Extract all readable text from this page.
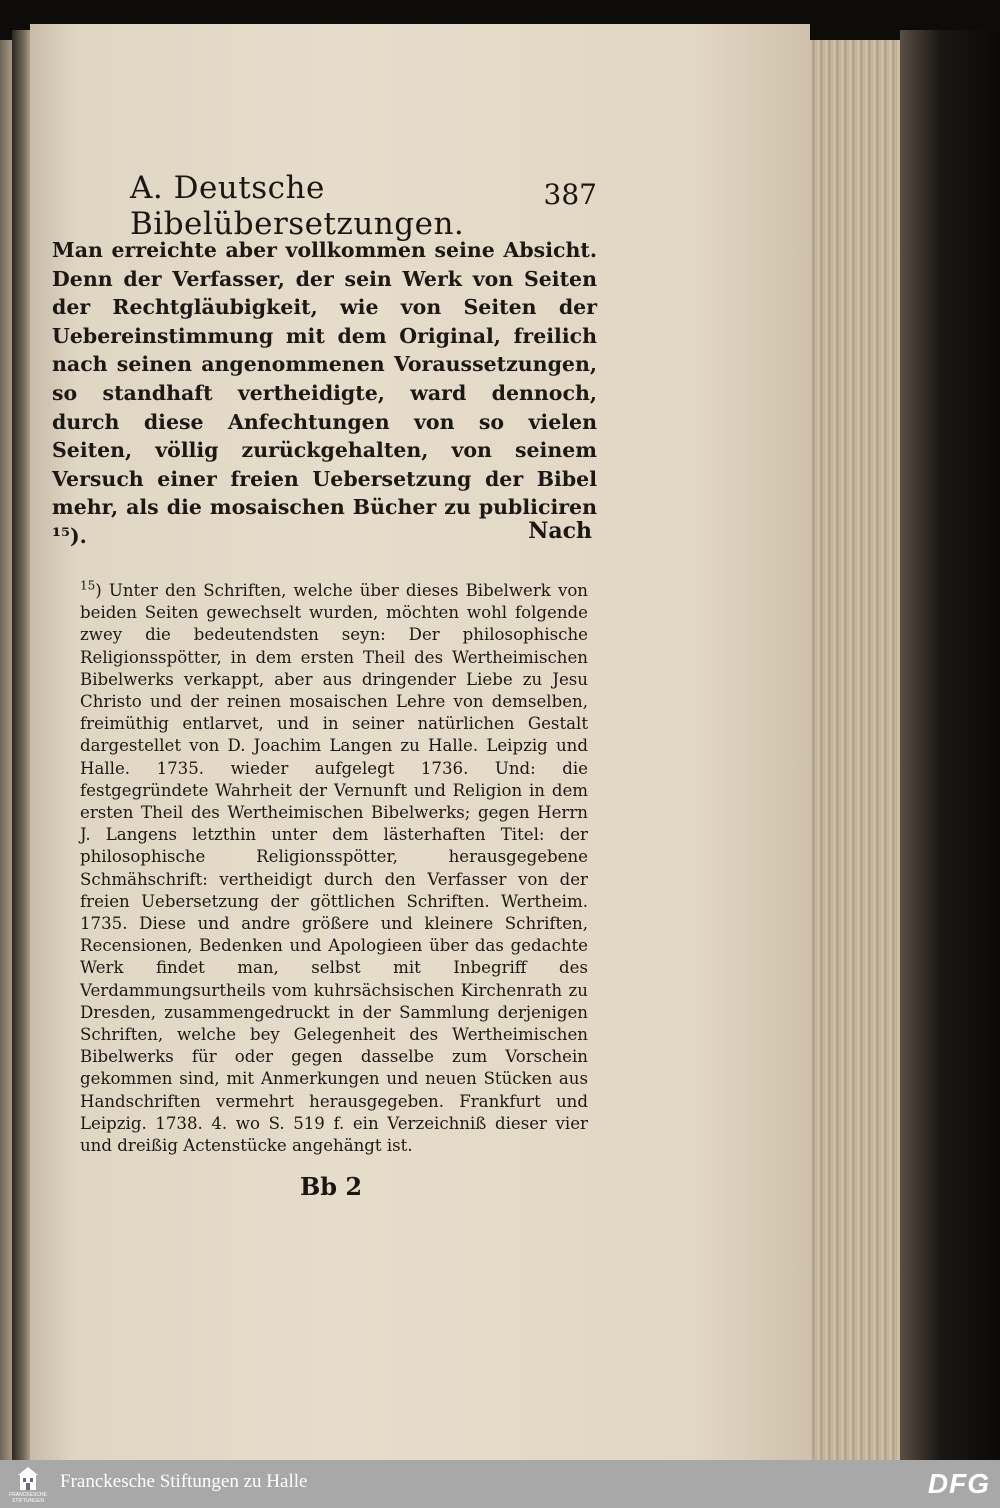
A. Deutsche Bibelübersetzungen.
387
Man erreichte aber vollkommen seine Absicht. Denn der Verfasser, der sein Werk von Seiten der Rechtgläubigkeit, wie von Seiten der Uebereinstimmung mit dem Original, freilich nach seinen angenommenen Voraussetzungen, so standhaft vertheidigte, ward dennoch, durch diese Anfechtungen von so vielen Seiten, völlig zurückgehalten, von seinem Versuch einer freien Uebersetzung der Bibel mehr, als die mosaischen Bücher zu publiciren ¹⁵).	Nach
$^{15}$) Unter den Schriften, welche über dieses Bibelwerk von beiden Seiten gewechselt wurden, möchten wohl folgende zwey die bedeutendsten seyn: Der philosophische Religionsspötter, in dem ersten Theil des Wertheimischen Bibelwerks verkappt, aber aus dringender Liebe zu Jesu Christo und der reinen mosaischen Lehre von demselben, freimüthig entlarvet, und in seiner natürlichen Gestalt dargestellet von D. Joachim Langen zu Halle. Leipzig und Halle. 1735. wieder aufgelegt 1736. Und: die festgegründete Wahrheit der Vernunft und Religion in dem ersten Theil des Wertheimischen Bibelwerks; gegen Herrn J. Langens letzthin unter dem lästerhaften Titel: der philosophische Religionsspötter, herausgegebene Schmähschrift: vertheidigt durch den Verfasser von der freien Uebersetzung der göttlichen Schriften. Wertheim. 1735. Diese und andre größere und kleinere Schriften, Recensionen, Bedenken und Apologieen über das gedachte Werk findet man, selbst mit Inbegriff des Verdammungsurtheils vom kuhrsächsischen Kirchenrath zu Dresden, zusammengedruckt in der Sammlung derjenigen Schriften, welche bey Gelegenheit des Wertheimischen Bibelwerks für oder gegen dasselbe zum Vorschein gekommen sind, mit Anmerkungen und neuen Stücken aus Handschriften vermehrt herausgegeben. Frankfurt und Leipzig. 1738. 4. wo S. 519 f. ein Verzeichniß dieser vier und dreißig Actenstücke angehängt ist.
Bb 2
FRANCKESCHE STIFTUNGEN
Franckesche Stiftungen zu Halle	DFG
